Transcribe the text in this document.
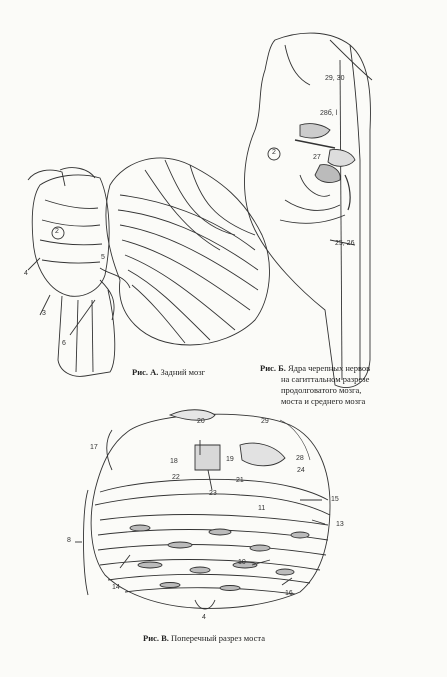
2
4
5
3
6
Рис. А. Задний мозг
29, 30
28б, l
2
27
25, 26
Рис. Б. Ядра черепных нервов
на сагиттальном разрезе
продолговатого мозга,
моста и среднего мозга
20	29
17
18	19	28
22
24
23
21
15
11
13
8
10
14
16
4
Рис. В. Поперечный разрез моста
